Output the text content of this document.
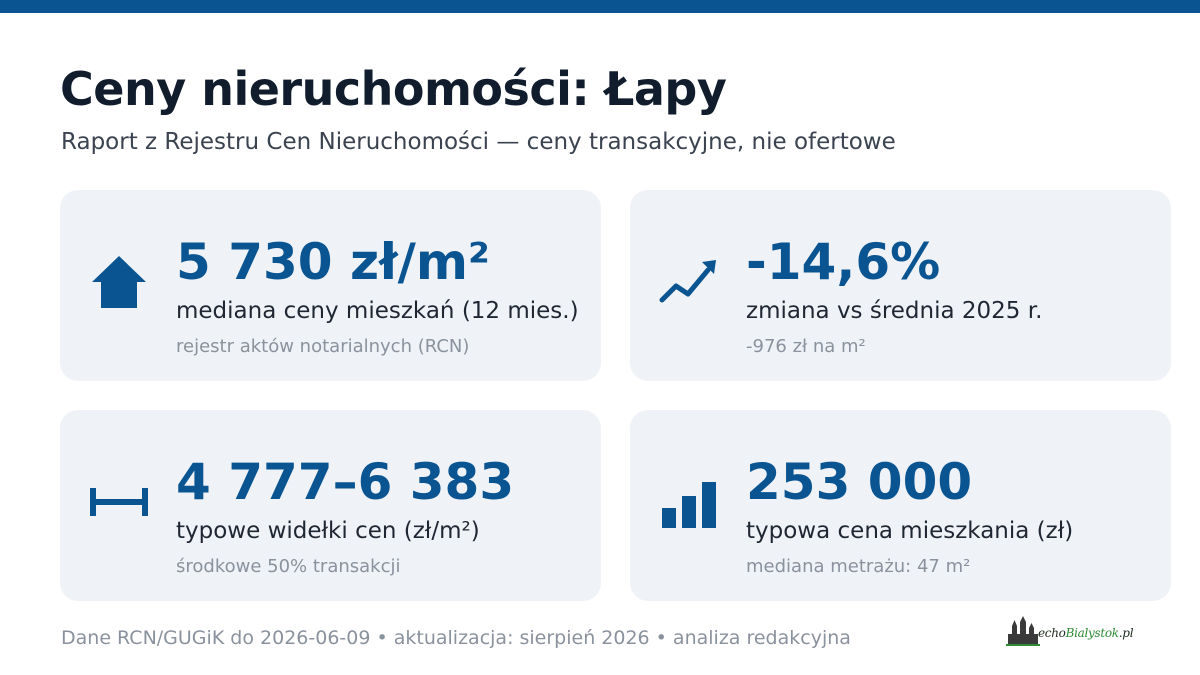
Ceny nieruchomości: Łapy
Raport z Rejestru Cen Nieruchomości — ceny transakcyjne, nie ofertowe
5 730 zł/m²
mediana ceny mieszkań (12 mies.)
rejestr aktów notarialnych (RCN)
-14,6%
zmiana vs średnia 2025 r.
-976 zł na m²
4 777–6 383
typowe widełki cen (zł/m²)
środkowe 50% transakcji
253 000
typowa cena mieszkania (zł)
mediana metrażu: 47 m²
Dane RCN/GUGiK do 2026-06-09 • aktualizacja: sierpień 2026 • analiza redakcyjna	echoBialystok.pl
